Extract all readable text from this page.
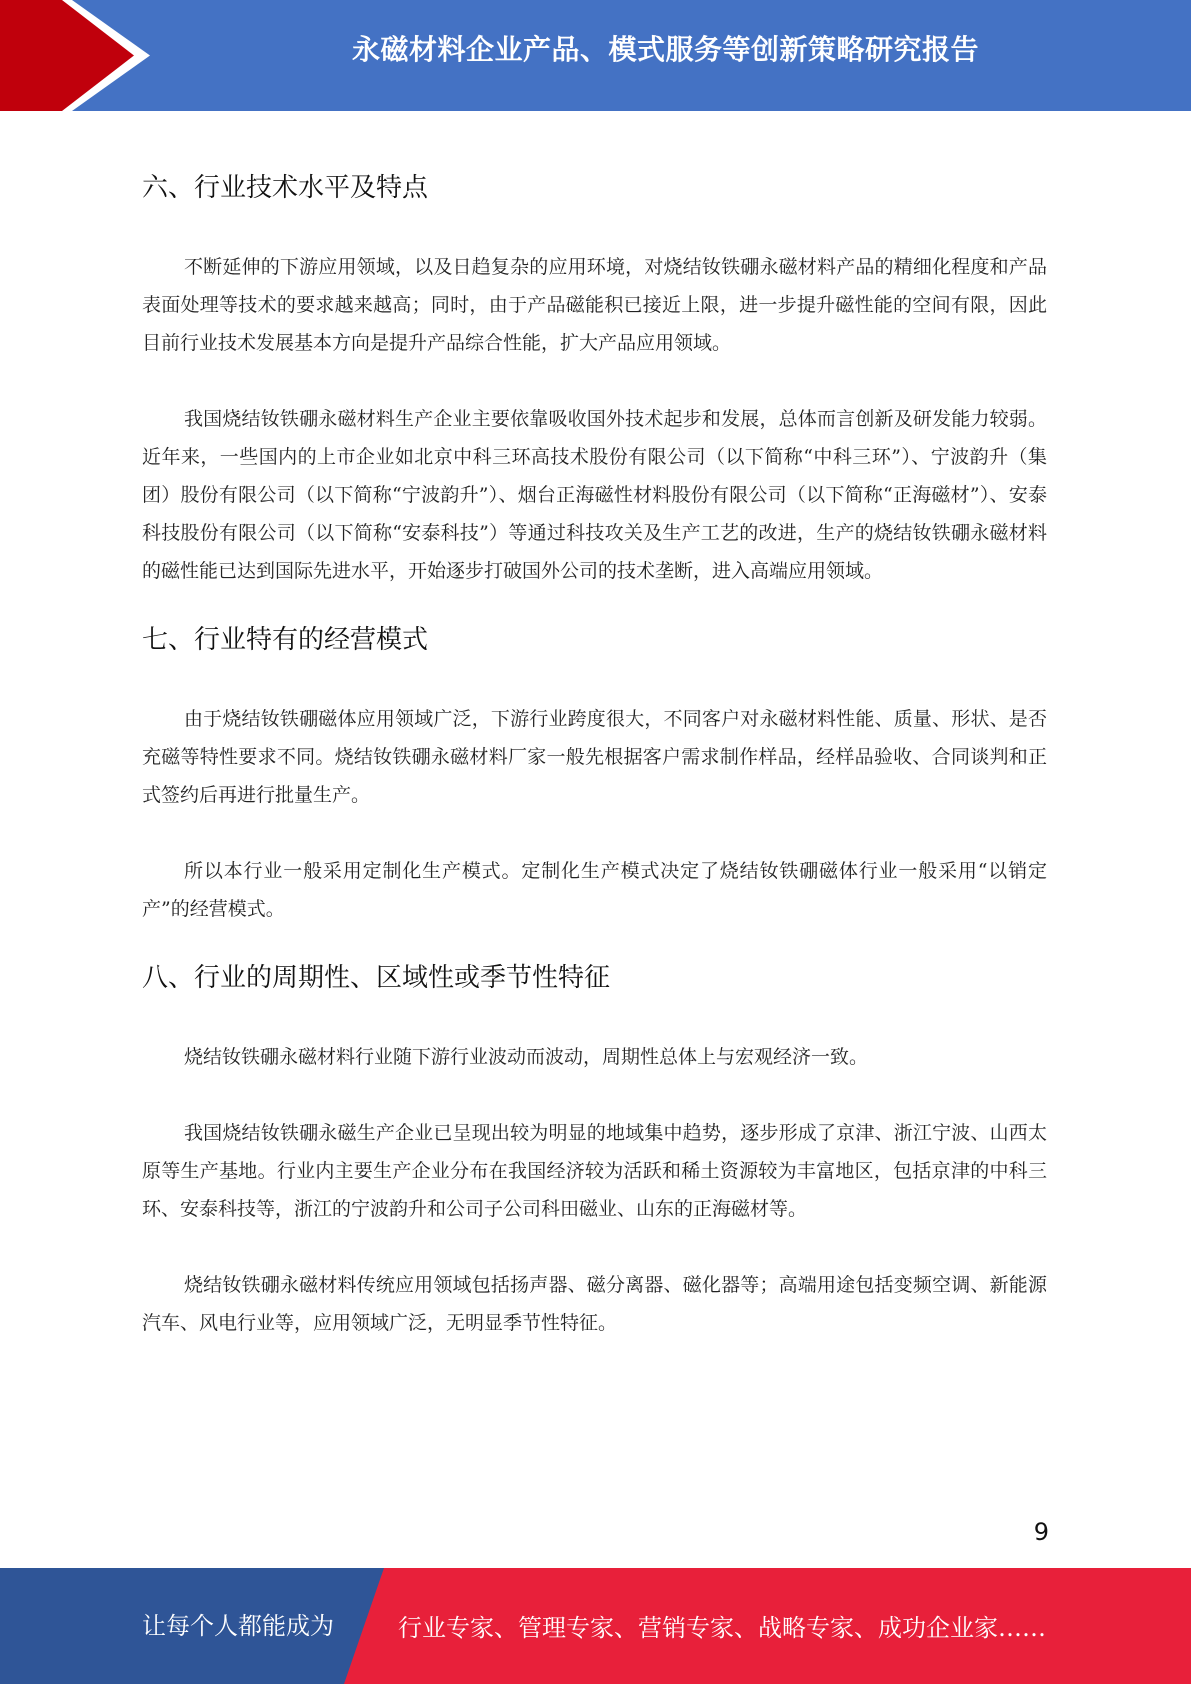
永磁材料企业产品、模式服务等创新策略研究报告
六、行业技术水平及特点

不断延伸的下游应用领域，以及日趋复杂的应用环境，对烧结钕铁硼永磁材料产品的精细化程度和产品表面处理等技术的要求越来越高；同时，由于产品磁能积已接近上限，进一步提升磁性能的空间有限，因此目前行业技术发展基本方向是提升产品综合性能，扩大产品应用领域。

我国烧结钕铁硼永磁材料生产企业主要依靠吸收国外技术起步和发展，总体而言创新及研发能力较弱。近年来，一些国内的上市企业如北京中科三环高技术股份有限公司（以下简称“中科三环”）、宁波韵升（集团）股份有限公司（以下简称“宁波韵升”）、烟台正海磁性材料股份有限公司（以下简称“正海磁材”）、安泰科技股份有限公司（以下简称“安泰科技”）等通过科技攻关及生产工艺的改进，生产的烧结钕铁硼永磁材料的磁性能已达到国际先进水平，开始逐步打破国外公司的技术垄断，进入高端应用领域。

七、行业特有的经营模式

由于烧结钕铁硼磁体应用领域广泛，下游行业跨度很大，不同客户对永磁材料性能、质量、形状、是否充磁等特性要求不同。烧结钕铁硼永磁材料厂家一般先根据客户需求制作样品，经样品验收、合同谈判和正式签约后再进行批量生产。

所以本行业一般采用定制化生产模式。定制化生产模式决定了烧结钕铁硼磁体行业一般采用“以销定产”的经营模式。

八、行业的周期性、区域性或季节性特征

烧结钕铁硼永磁材料行业随下游行业波动而波动，周期性总体上与宏观经济一致。

我国烧结钕铁硼永磁生产企业已呈现出较为明显的地域集中趋势，逐步形成了京津、浙江宁波、山西太原等生产基地。行业内主要生产企业分布在我国经济较为活跃和稀土资源较为丰富地区，包括京津的中科三环、安泰科技等，浙江的宁波韵升和公司子公司科田磁业、山东的正海磁材等。

烧结钕铁硼永磁材料传统应用领域包括扬声器、磁分离器、磁化器等；高端用途包括变频空调、新能源汽车、风电行业等，应用领域广泛，无明显季节性特征。

9
让每个人都能成为	行业专家、管理专家、营销专家、战略专家、成功企业家……
